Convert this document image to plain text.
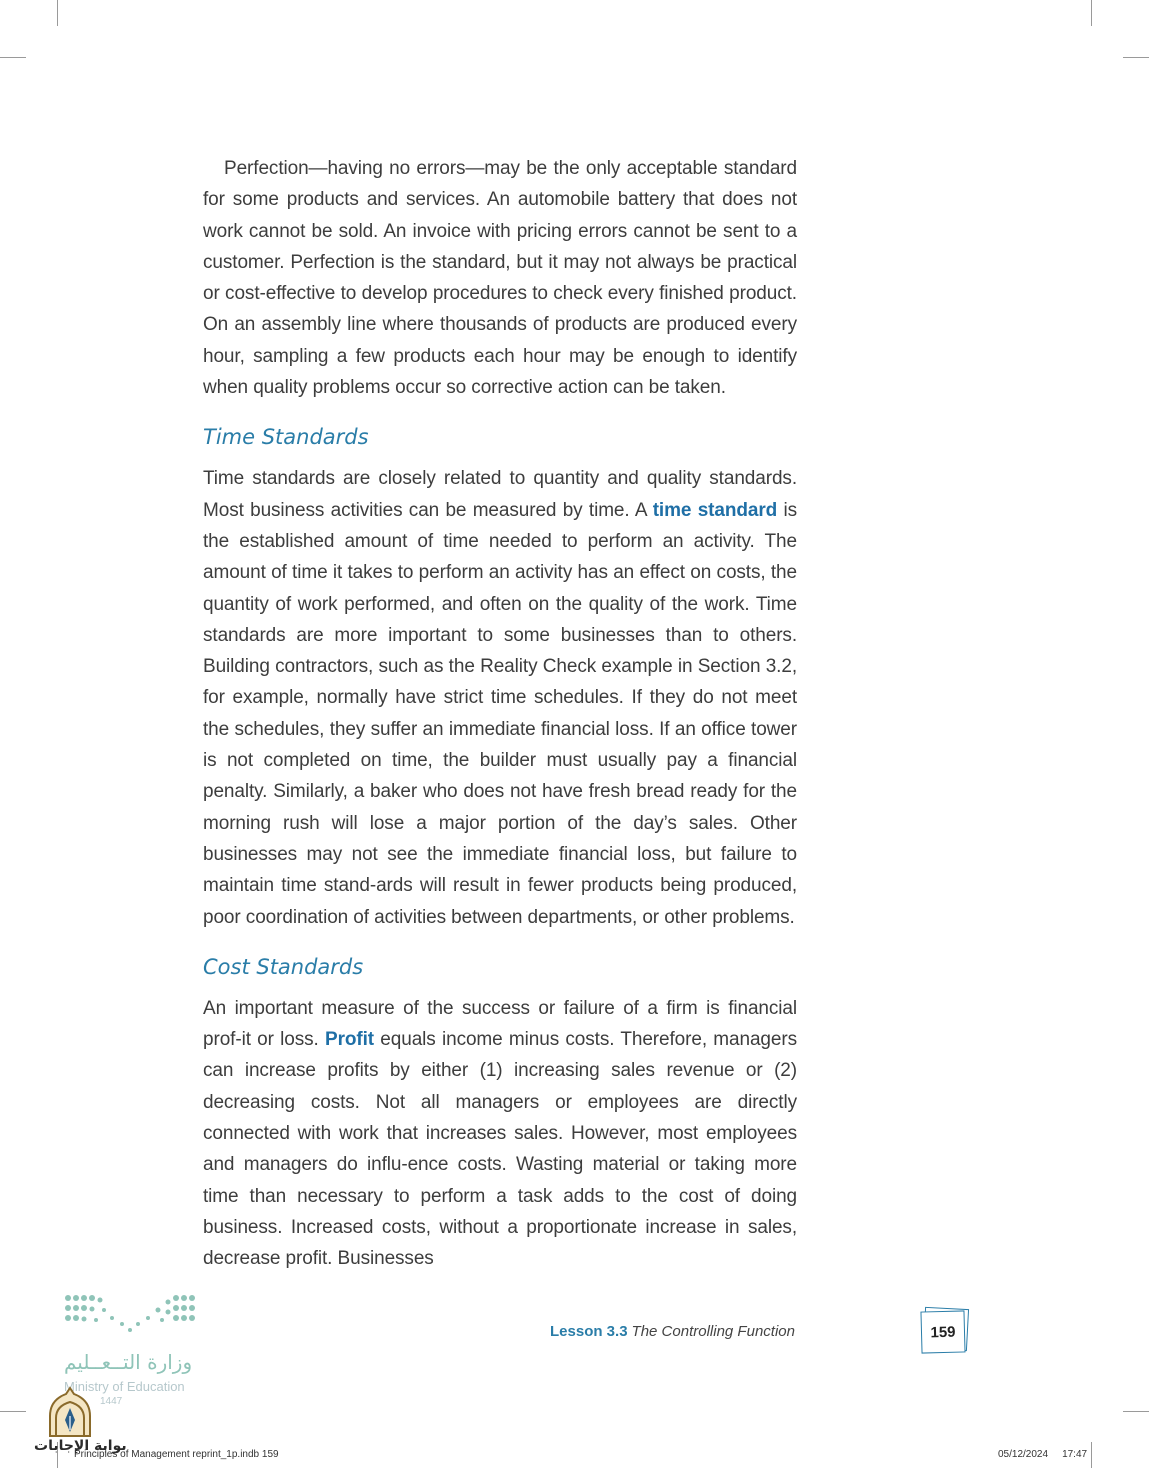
Perfection—having no errors—may be the only acceptable standard for some products and services. An automobile battery that does not work cannot be sold. An invoice with pricing errors cannot be sent to a customer. Perfection is the standard, but it may not always be practical or cost-effective to develop procedures to check every finished product. On an assembly line where thousands of products are produced every hour, sampling a few products each hour may be enough to identify when quality problems occur so corrective action can be taken.

Time Standards

Time standards are closely related to quantity and quality standards. Most business activities can be measured by time. A time standard is the established amount of time needed to perform an activity. The amount of time it takes to perform an activity has an effect on costs, the quantity of work performed, and often on the quality of the work. Time standards are more important to some businesses than to others. Building contractors, such as the Reality Check example in Section 3.2, for example, normally have strict time schedules. If they do not meet the schedules, they suffer an immediate financial loss. If an office tower is not completed on time, the builder must usually pay a financial penalty. Similarly, a baker who does not have fresh bread ready for the morning rush will lose a major portion of the day’s sales. Other businesses may not see the immediate financial loss, but failure to maintain time stand-ards will result in fewer products being produced, poor coordination of activities between departments, or other problems.

Cost Standards

An important measure of the success or failure of a firm is financial prof-it or loss. Profit equals income minus costs. Therefore, managers can increase profits by either (1) increasing sales revenue or (2) decreasing costs. Not all managers or employees are directly connected with work that increases sales. However, most employees and managers do influ-ence costs. Wasting material or taking more time than necessary to perform a task adds to the cost of doing business. Increased costs, without a proportionate increase in sales, decrease profit. Businesses

Lesson 3.3 The Controlling Function	159
وزارة التــعــليم
Ministry of Education
1447
بوابة الإجابات
Principles of Management reprint_1p.indb 159	05/12/2024 17:47
